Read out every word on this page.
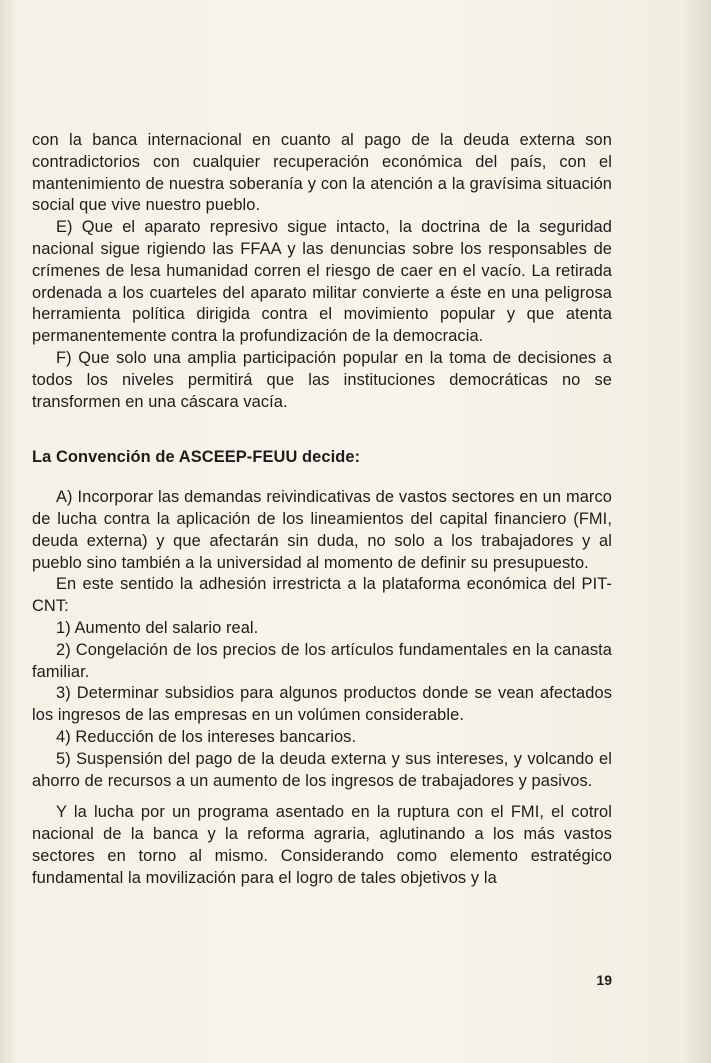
con la banca internacional en cuanto al pago de la deuda externa son contradictorios con cualquier recuperación económica del país, con el mantenimiento de nuestra soberanía y con la atención a la gravísima situación social que vive nuestro pueblo.

E) Que el aparato represivo sigue intacto, la doctrina de la seguridad nacional sigue rigiendo las FFAA y las denuncias sobre los responsables de crímenes de lesa humanidad corren el riesgo de caer en el vacío. La retirada ordenada a los cuarteles del aparato militar convierte a éste en una peligrosa herramienta política dirigida contra el movimiento popular y que atenta permanentemente contra la profundización de la democracia.

F) Que solo una amplia participación popular en la toma de decisiones a todos los niveles permitirá que las instituciones democráticas no se transformen en una cáscara vacía.

La Convención de ASCEEP-FEUU decide:

A) Incorporar las demandas reivindicativas de vastos sectores en un marco de lucha contra la aplicación de los lineamientos del capital financiero (FMI, deuda externa) y que afectarán sin duda, no solo a los trabajadores y al pueblo sino también a la universidad al momento de definir su presupuesto.

En este sentido la adhesión irrestricta a la plataforma económica del PIT-CNT:

1) Aumento del salario real.

2) Congelación de los precios de los artículos fundamentales en la canasta familiar.

3) Determinar subsidios para algunos productos donde se vean afectados los ingresos de las empresas en un volúmen considerable.

4) Reducción de los intereses bancarios.

5) Suspensión del pago de la deuda externa y sus intereses, y volcando el ahorro de recursos a un aumento de los ingresos de trabajadores y pasivos.

Y la lucha por un programa asentado en la ruptura con el FMI, el cotrol nacional de la banca y la reforma agraria, aglutinando a los más vastos sectores en torno al mismo. Considerando como elemento estratégico fundamental la movilización para el logro de tales objetivos y la

19
